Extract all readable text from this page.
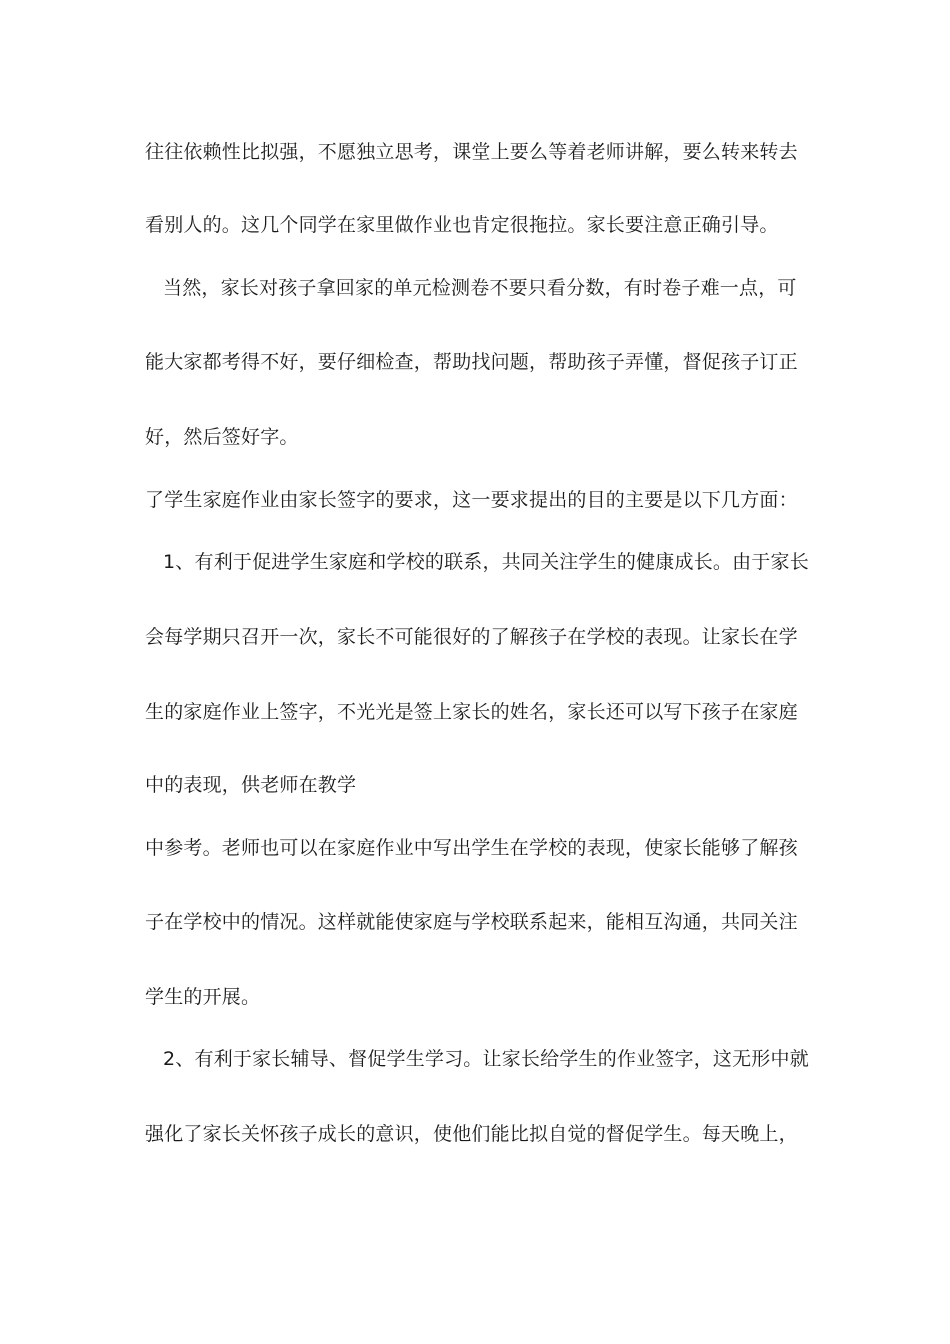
往往依赖性比拟强，不愿独立思考，课堂上要么等着老师讲解，要么转来转去
看别人的。这几个同学在家里做作业也肯定很拖拉。家长要注意正确引导。
当然，家长对孩子拿回家的单元检测卷不要只看分数，有时卷子难一点，可
能大家都考得不好，要仔细检查，帮助找问题，帮助孩子弄懂，督促孩子订正
好，然后签好字。
了学生家庭作业由家长签字的要求，这一要求提出的目的主要是以下几方面：
1、有利于促进学生家庭和学校的联系，共同关注学生的健康成长。由于家长
会每学期只召开一次，家长不可能很好的了解孩子在学校的表现。让家长在学
生的家庭作业上签字，不光光是签上家长的姓名，家长还可以写下孩子在家庭
中的表现，供老师在教学
中参考。老师也可以在家庭作业中写出学生在学校的表现，使家长能够了解孩
子在学校中的情况。这样就能使家庭与学校联系起来，能相互沟通，共同关注
学生的开展。
2、有利于家长辅导、督促学生学习。让家长给学生的作业签字，这无形中就
强化了家长关怀孩子成长的意识，使他们能比拟自觉的督促学生。每天晚上，
